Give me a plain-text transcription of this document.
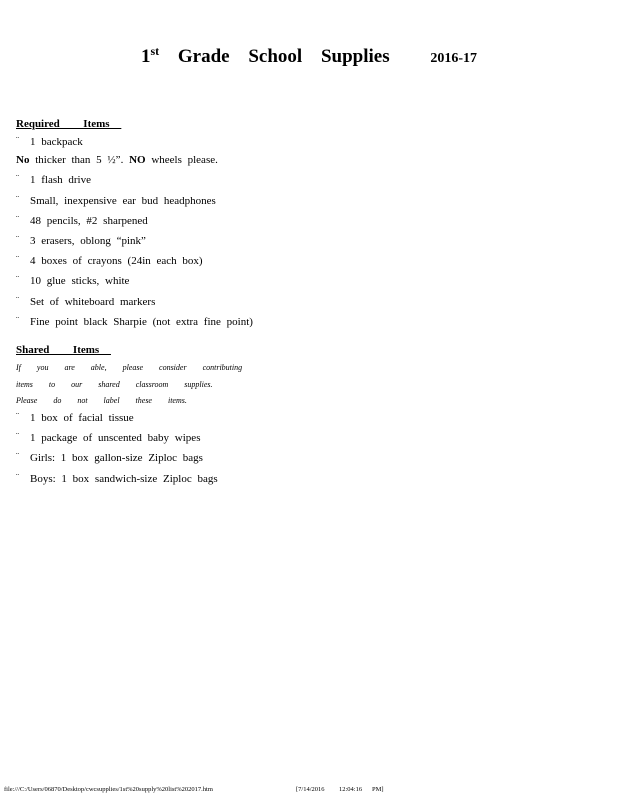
1st Grade School Supplies	2016-17
Required  Items
¨ 1 backpack
No thicker than 5 ½”. NO wheels please.
¨ 1 flash drive
¨ Small, inexpensive ear bud headphones
¨ 48 pencils, #2 sharpened
¨ 3 erasers, oblong “pink”
¨ 4 boxes of crayons (24in each box)
¨ 10 glue sticks, white
¨ Set of whiteboard markers
¨ Fine point black Sharpie (not extra fine point)
Shared  Items
If you are able, please consider contributing
items to our shared classroom supplies.
Please do not label these items.
¨ 1 box of facial tissue
¨ 1 package of unscented baby wipes
¨ Girls: 1 box gallon-size Ziploc bags
¨ Boys: 1 box sandwich-size Ziploc bags
file:///C:/Users/06870/Desktop/cwcsupplies/1st%20supply%20list%202017.htm	[7/14/2016 12:04:16 PM]
